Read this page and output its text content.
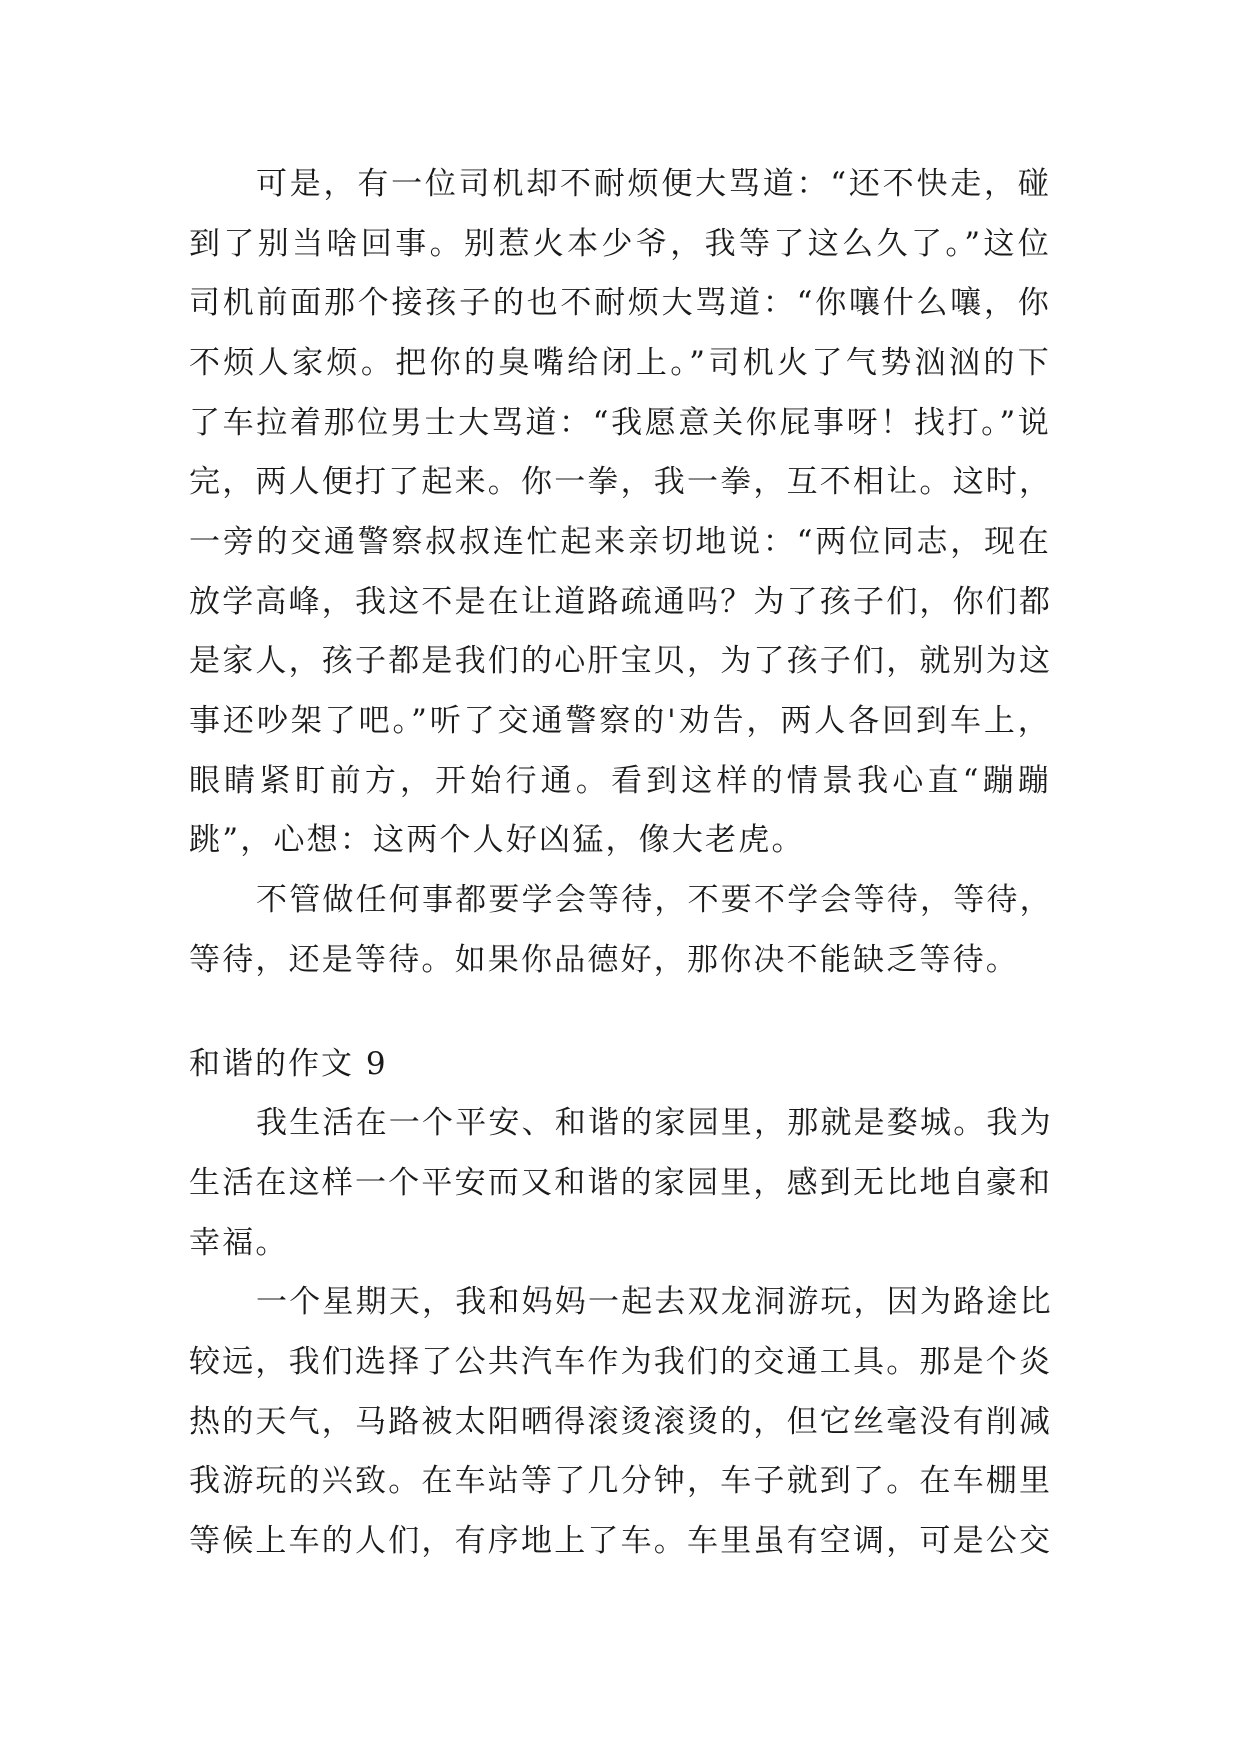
可是，有一位司机却不耐烦便大骂道：“还不快走，碰
到了别当啥回事。别惹火本少爷，我等了这么久了。”这位
司机前面那个接孩子的也不耐烦大骂道：“你嚷什么嚷，你
不烦人家烦。把你的臭嘴给闭上。”司机火了气势汹汹的下
了车拉着那位男士大骂道：“我愿意关你屁事呀！找打。”说
完，两人便打了起来。你一拳，我一拳，互不相让。这时，
一旁的交通警察叔叔连忙起来亲切地说：“两位同志，现在
放学高峰，我这不是在让道路疏通吗？为了孩子们，你们都
是家人，孩子都是我们的心肝宝贝，为了孩子们，就别为这
事还吵架了吧。”听了交通警察的'劝告，两人各回到车上，
眼睛紧盯前方，开始行通。看到这样的情景我心直“蹦蹦
跳”，心想：这两个人好凶猛，像大老虎。
不管做任何事都要学会等待，不要不学会等待，等待，
等待，还是等待。如果你品德好，那你决不能缺乏等待。
和谐的作文 9
我生活在一个平安、和谐的家园里，那就是婺城。我为
生活在这样一个平安而又和谐的家园里，感到无比地自豪和
幸福。
一个星期天，我和妈妈一起去双龙洞游玩，因为路途比
较远，我们选择了公共汽车作为我们的交通工具。那是个炎
热的天气，马路被太阳晒得滚烫滚烫的，但它丝毫没有削减
我游玩的兴致。在车站等了几分钟，车子就到了。在车棚里
等候上车的人们，有序地上了车。车里虽有空调，可是公交
